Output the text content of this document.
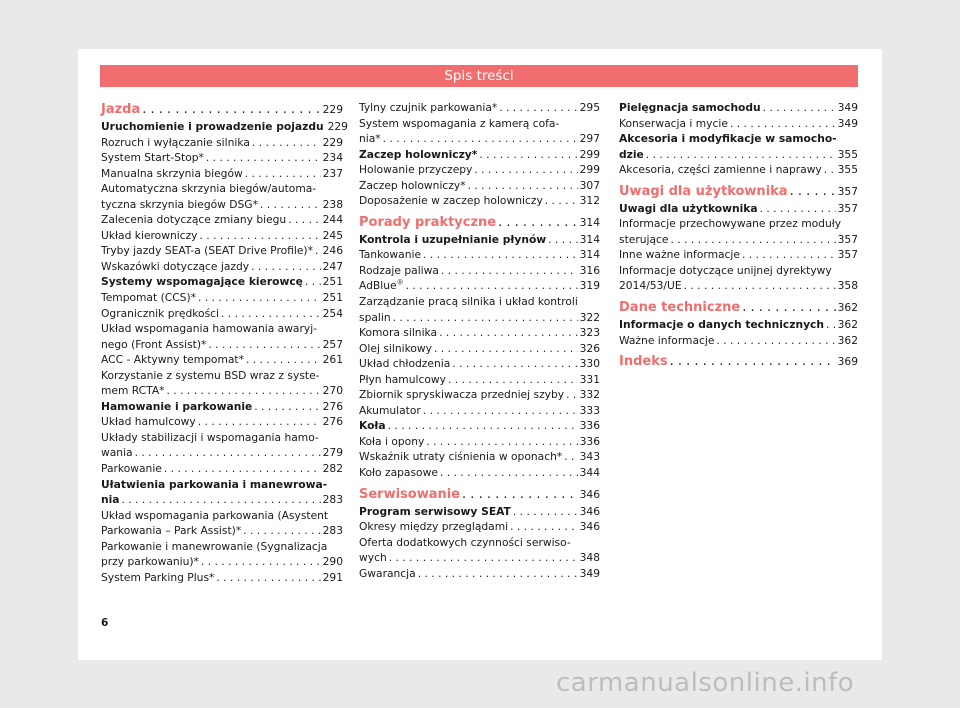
Spis treści
Jazda . . .	229
Uruchomienie i prowadzenie pojazdu 229
Rozruch i wyłączanie silnika . . .	229
System Start-Stop* . . .	234
Manualna skrzynia biegów . . .	237
Automatyczna skrzynia biegów/automa-
tyczna skrzynia biegów DSG* . . .	238
Zalecenia dotyczące zmiany biegu . . .	244
Układ kierowniczy . . .	245
Tryby jazdy SEAT-a (SEAT Drive Profile)* . . . 246
Wskazówki dotyczące jazdy . . .	247
Systemy wspomagające kierowcę . . . 251
Tempomat (CCS)* . . .	251
Ogranicznik prędkości . . .	254
Układ wspomagania hamowania awaryj-
nego (Front Assist)* . . .	257
ACC - Aktywny tempomat* . . .	261
Korzystanie z systemu BSD wraz z syste-
mem RCTA* . . .	270
Hamowanie i parkowanie . . .	276
Układ hamulcowy . . .	276
Układy stabilizacji i wspomagania hamo-
wania . . .	279
Parkowanie . . .	282
Ułatwienia parkowania i manewrowa-
nia . . .	283
Układ wspomagania parkowania (Asystent
Parkowania – Park Assist)* . . .	283
Parkowanie i manewrowanie (Sygnalizacja
przy parkowaniu)* . . .	290
System Parking Plus* . . .	291
Tylny czujnik parkowania* . . .	295
System wspomagania z kamerą cofa-
nia* . . .	297
Zaczep holowniczy* . . .	299
Holowanie przyczepy . . .	299
Zaczep holowniczy* . . .	307
Doposażenie w zaczep holowniczy . . .	312
Porady praktyczne . . .	314
Kontrola i uzupełnianie płynów . . .	314
Tankowanie . . .	314
Rodzaje paliwa . . .	316
AdBlue® . . .	319
Zarządzanie pracą silnika i układ kontroli
spalin . . .	322
Komora silnika . . .	323
Olej silnikowy . . .	326
Układ chłodzenia . . .	330
Płyn hamulcowy . . .	331
Zbiornik spryskiwacza przedniej szyby . . . 332
Akumulator . . .	333
Koła . . .	336
Koła i opony . . .	336
Wskaźnik utraty ciśnienia w oponach* . . . 343
Koło zapasowe . . .	344
Serwisowanie . . .	346
Program serwisowy SEAT . . .	346
Okresy między przeglądami . . .	346
Oferta dodatkowych czynności serwiso-
wych . . .	348
Gwarancja . . .	349
Pielęgnacja samochodu . . .	349
Konserwacja i mycie . . .	349
Akcesoria i modyfikacje w samocho-
dzie . . .	355
Akcesoria, części zamienne i naprawy . . . 355
Uwagi dla użytkownika . . .	357
Uwagi dla użytkownika . . .	357
Informacje przechowywane przez moduły
sterujące . . .	357
Inne ważne informacje . . .	357
Informacje dotyczące unijnej dyrektywy
2014/53/UE . . .	358
Dane techniczne . . .	362
Informacje o danych technicznych . . . 362
Ważne informacje . . .	362
Indeks . . .	369
6
carmanualsonline.info
